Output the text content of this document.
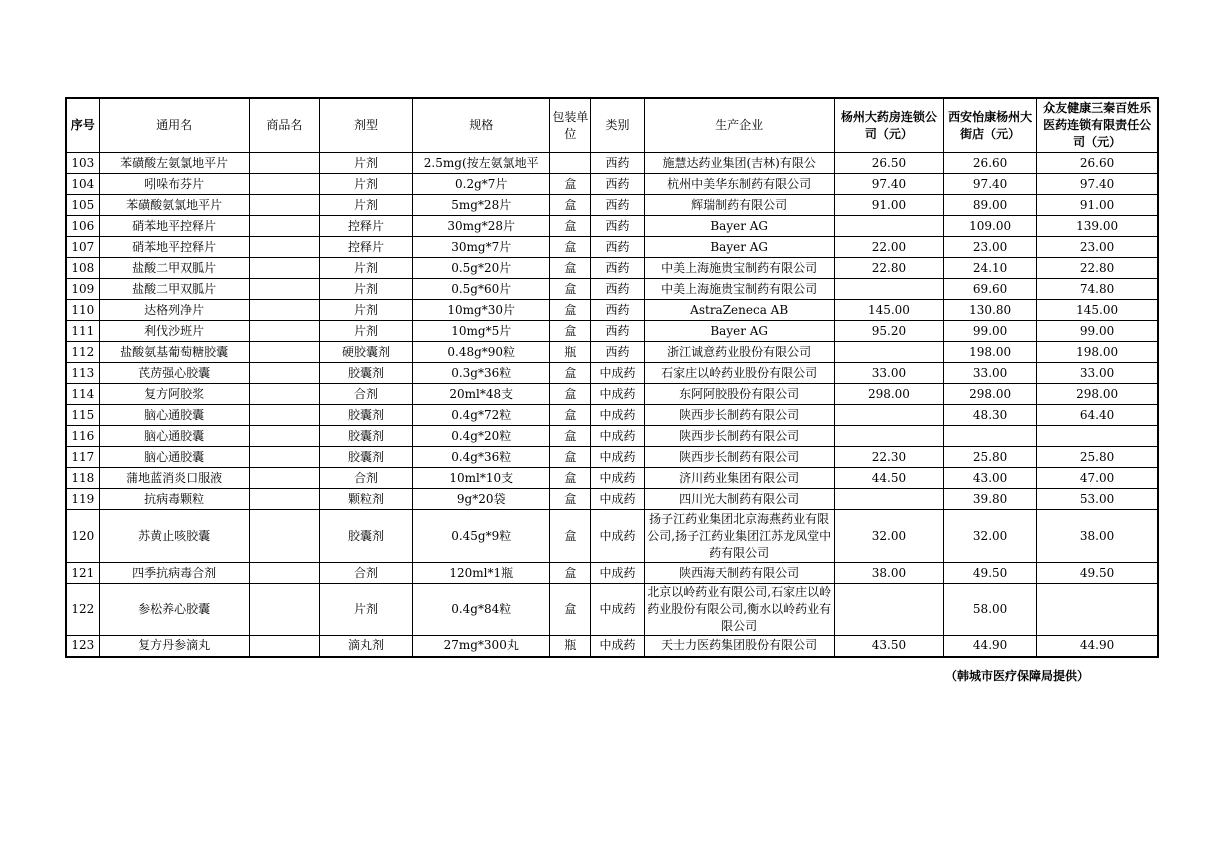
序号	通用名	商品名	剂型	规格	包装单位	类别	生产企业	杨州大药房连锁公司（元）	西安怡康杨州大街店（元）	众友健康三秦百姓乐医药连锁有限责任公司（元）
103	苯磺酸左氨氯地平片		片剂	2.5mg(按左氨氯地平		西药	施慧达药业集团(吉林)有限公	26.50	26.60	26.60
104	吲哚布芬片		片剂	0.2g*7片	盒	西药	杭州中美华东制药有限公司	97.40	97.40	97.40
105	苯磺酸氨氯地平片		片剂	5mg*28片	盒	西药	辉瑞制药有限公司	91.00	89.00	91.00
106	硝苯地平控释片		控释片	30mg*28片	盒	西药	Bayer AG		109.00	139.00
107	硝苯地平控释片		控释片	30mg*7片	盒	西药	Bayer AG	22.00	23.00	23.00
108	盐酸二甲双胍片		片剂	0.5g*20片	盒	西药	中美上海施贵宝制药有限公司	22.80	24.10	22.80
109	盐酸二甲双胍片		片剂	0.5g*60片	盒	西药	中美上海施贵宝制药有限公司		69.60	74.80
110	达格列净片		片剂	10mg*30片	盒	西药	AstraZeneca AB	145.00	130.80	145.00
111	利伐沙班片		片剂	10mg*5片	盒	西药	Bayer AG	95.20	99.00	99.00
112	盐酸氨基葡萄糖胶囊		硬胶囊剂	0.48g*90粒	瓶	西药	浙江诚意药业股份有限公司		198.00	198.00
113	芪苈强心胶囊		胶囊剂	0.3g*36粒	盒	中成药	石家庄以岭药业股份有限公司	33.00	33.00	33.00
114	复方阿胶浆		合剂	20ml*48支	盒	中成药	东阿阿胶股份有限公司	298.00	298.00	298.00
115	脑心通胶囊		胶囊剂	0.4g*72粒	盒	中成药	陕西步长制药有限公司		48.30	64.40
116	脑心通胶囊		胶囊剂	0.4g*20粒	盒	中成药	陕西步长制药有限公司			
117	脑心通胶囊		胶囊剂	0.4g*36粒	盒	中成药	陕西步长制药有限公司	22.30	25.80	25.80
118	蒲地蓝消炎口服液		合剂	10ml*10支	盒	中成药	济川药业集团有限公司	44.50	43.00	47.00
119	抗病毒颗粒		颗粒剂	9g*20袋	盒	中成药	四川光大制药有限公司		39.80	53.00
120	苏黄止咳胶囊		胶囊剂	0.45g*9粒	盒	中成药	扬子江药业集团北京海燕药业有限公司,扬子江药业集团江苏龙凤堂中药有限公司	32.00	32.00	38.00
121	四季抗病毒合剂		合剂	120ml*1瓶	盒	中成药	陕西海天制药有限公司	38.00	49.50	49.50
122	参松养心胶囊		片剂	0.4g*84粒	盒	中成药	北京以岭药业有限公司,石家庄以岭药业股份有限公司,衡水以岭药业有限公司		58.00	
123	复方丹参滴丸		滴丸剂	27mg*300丸	瓶	中成药	天士力医药集团股份有限公司	43.50	44.90	44.90
（韩城市医疗保障局提供）
